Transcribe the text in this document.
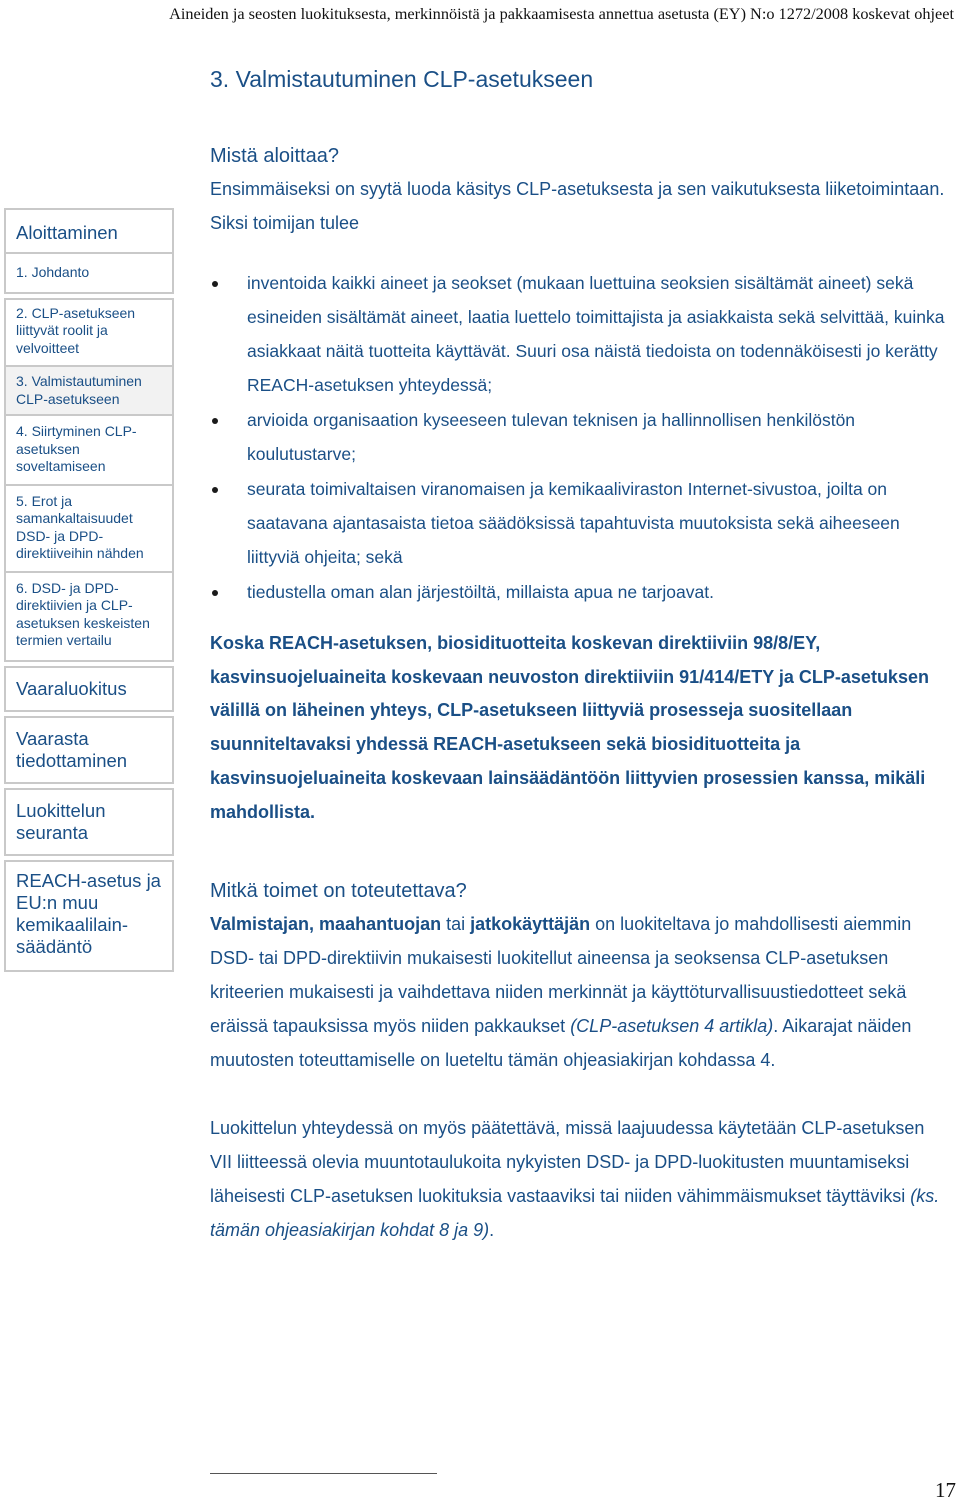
Aineiden ja seosten luokituksesta, merkinnöistä ja pakkaamisesta annettua asetusta (EY) N:o 1272/2008 koskevat ohjeet
3. Valmistautuminen CLP-asetukseen
Aloittaminen
1. Johdanto
2. CLP-asetukseen liittyvät roolit ja velvoitteet
3. Valmistautuminen CLP-asetukseen
4. Siirtyminen CLP-asetuksen soveltamiseen
5. Erot ja samankaltaisuudet DSD- ja DPD-direktiiveihin nähden
6. DSD- ja DPD-direktiivien ja CLP-asetuksen keskeisten termien vertailu
Vaaraluokitus
Vaarasta tiedottaminen
Luokittelun seuranta
REACH-asetus ja EU:n muu kemikaalilain-säädäntö
Mistä aloittaa?

Ensimmäiseksi on syytä luoda käsitys CLP-asetuksesta ja sen vaikutuksesta liiketoimintaan.

Siksi toimijan tulee

inventoida kaikki aineet ja seokset (mukaan luettuina seoksien sisältämät aineet) sekä esineiden sisältämät aineet, laatia luettelo toimittajista ja asiakkaista sekä selvittää, kuinka asiakkaat näitä tuotteita käyttävät. Suuri osa näistä tiedoista on todennäköisesti jo kerätty REACH-asetuksen yhteydessä;
arvioida organisaation kyseeseen tulevan teknisen ja hallinnollisen henkilöstön koulutustarve;
seurata toimivaltaisen viranomaisen ja kemikaaliviraston Internet-sivustoa, joilta on saatavana ajantasaista tietoa säädöksissä tapahtuvista muutoksista sekä aiheeseen liittyviä ohjeita; sekä
tiedustella oman alan järjestöiltä, millaista apua ne tarjoavat.

Koska REACH-asetuksen, biosidituotteita koskevan direktiiviin 98/8/EY, kasvinsuojeluaineita koskevaan neuvoston direktiiviin 91/414/ETY ja CLP-asetuksen välillä on läheinen yhteys, CLP-asetukseen liittyviä prosesseja suositellaan suunniteltavaksi yhdessä REACH-asetukseen sekä biosidituotteita ja kasvinsuojeluaineita koskevaan lainsäädäntöön liittyvien prosessien kanssa, mikäli mahdollista.

Mitkä toimet on toteutettava?

Valmistajan, maahantuojan tai jatkokäyttäjän on luokiteltava jo mahdollisesti aiemmin DSD- tai DPD-direktiivin mukaisesti luokitellut aineensa ja seoksensa CLP-asetuksen kriteerien mukaisesti ja vaihdettava niiden merkinnät ja käyttöturvallisuustiedotteet sekä eräissä tapauksissa myös niiden pakkaukset (CLP-asetuksen 4 artikla). Aikarajat näiden muutosten toteuttamiselle on lueteltu tämän ohjeasiakirjan kohdassa 4.

Luokittelun yhteydessä on myös päätettävä, missä laajuudessa käytetään CLP-asetuksen VII liitteessä olevia muuntotaulukoita nykyisten DSD- ja DPD-luokitusten muuntamiseksi läheisesti CLP-asetuksen luokituksia vastaaviksi tai niiden vähimmäismukset täyttäviksi (ks. tämän ohjeasiakirjan kohdat 8 ja 9).

17
